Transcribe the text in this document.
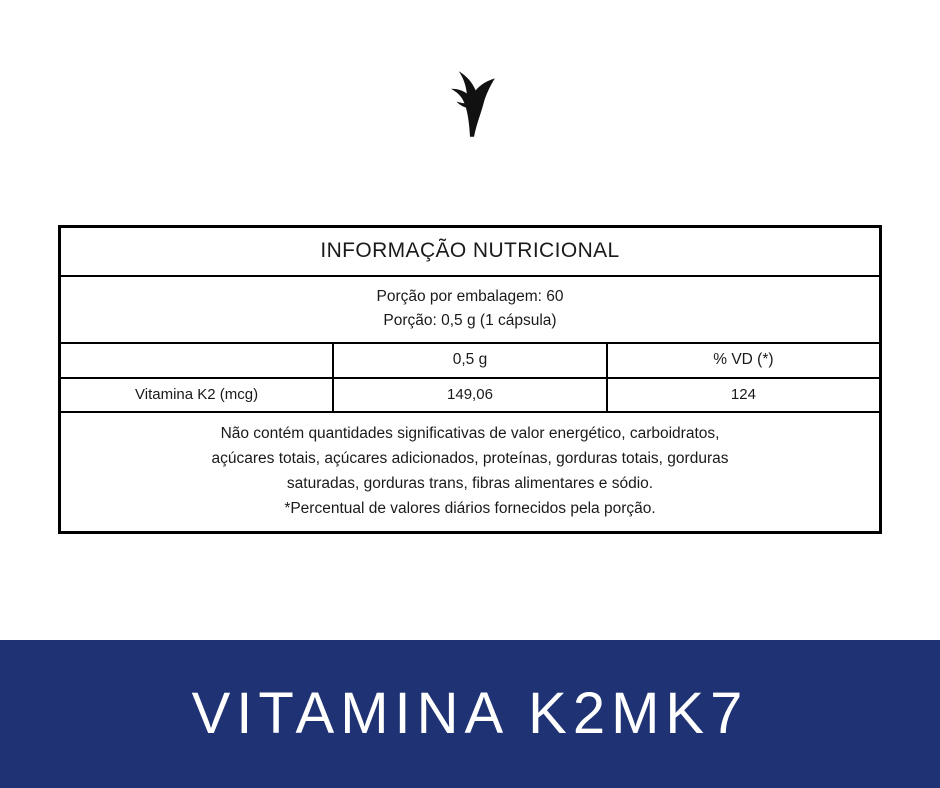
INFORMAÇÃO NUTRICIONAL		

Porção por embalagem: 60
Porção: 0,5 g (1 cápsula)		

	0,5 g	% VD (*)
Vitamina K2 (mcg)	149,06	124

Não contém quantidades significativas de valor energético, carboidratos,
açúcares totais, açúcares adicionados, proteínas, gorduras totais, gorduras
saturadas, gorduras trans, fibras alimentares e sódio.
*Percentual de valores diários fornecidos pela porção.		
VITAMINA K2MK7
